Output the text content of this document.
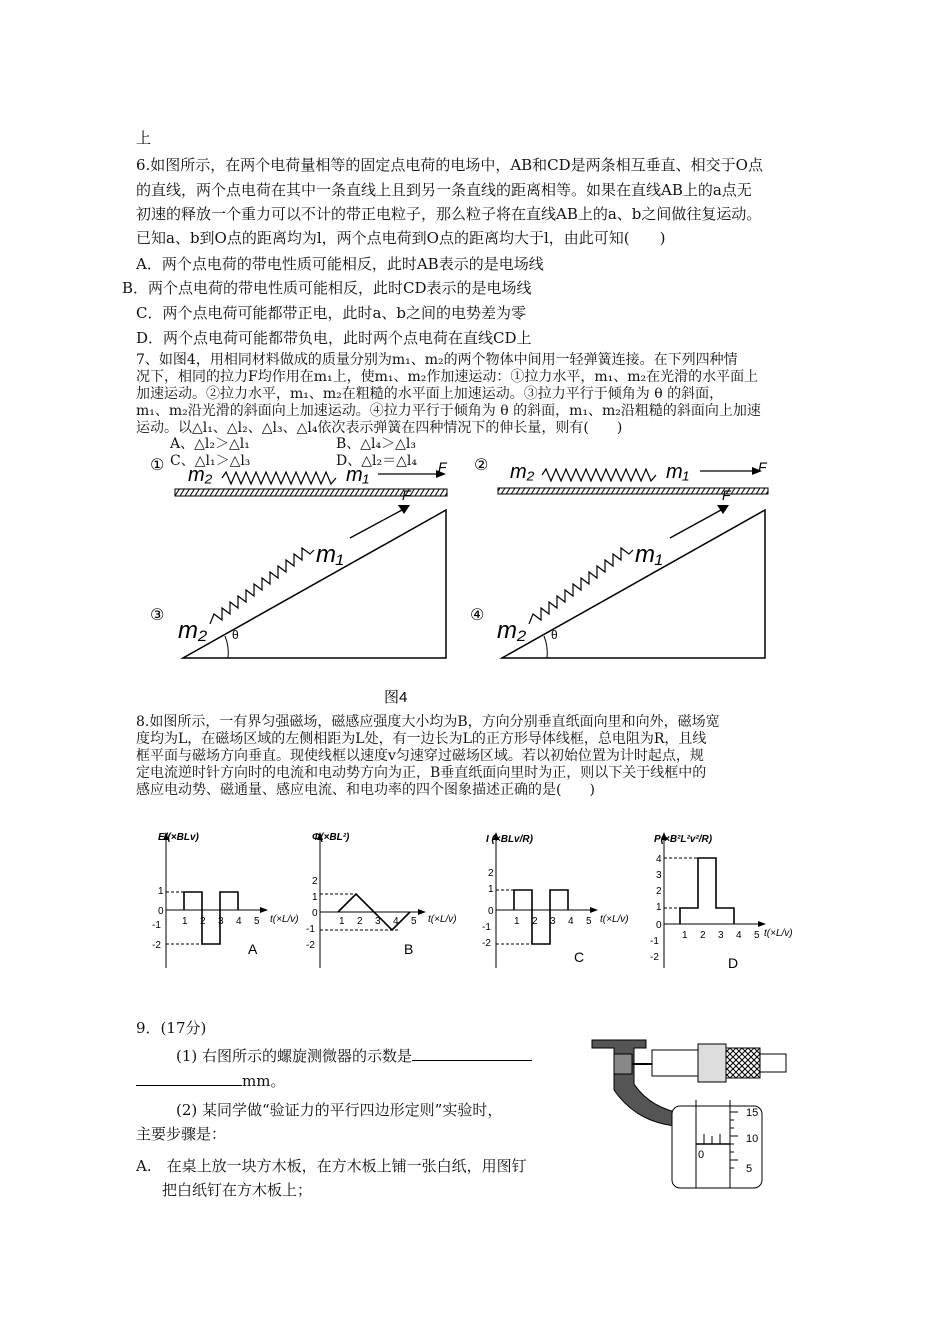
上
6.如图所示，在两个电荷量相等的固定点电荷的电场中，AB和CD是两条相互垂直、相交于O点
的直线，两个点电荷在其中一条直线上且到另一条直线的距离相等。如果在直线AB上的a点无
初速的释放一个重力可以不计的带正电粒子，那么粒子将在直线AB上的a、b之间做往复运动。
已知a、b到O点的距离均为l，两个点电荷到O点的距离均大于l，由此可知(　　)
A．两个点电荷的带电性质可能相反，此时AB表示的是电场线
B．两个点电荷的带电性质可能相反，此时CD表示的是电场线
C．两个点电荷可能都带正电，此时a、b之间的电势差为零
D．两个点电荷可能都带负电，此时两个点电荷在直线CD上
7、如图4，用相同材料做成的质量分别为m₁、m₂的两个物体中间用一轻弹簧连接。在下列四种情
况下，相同的拉力F均作用在m₁上，使m₁、m₂作加速运动：①拉力水平，m₁、m₂在光滑的水平面上
加速运动。②拉力水平，m₁、m₂在粗糙的水平面上加速运动。③拉力平行于倾角为 θ 的斜面，
m₁、m₂沿光滑的斜面向上加速运动。④拉力平行于倾角为 θ 的斜面，m₁、m₂沿粗糙的斜面向上加速
运动。以△l₁、△l₂、△l₃、△l₄依次表示弹簧在四种情况下的伸长量，则有(　　)
A、△l₂＞△l₁	B、△l₄＞△l₃
C、△l₁＞△l₃	D、△l₂＝△l₄
① m₂	m₁	F ② m₂	m₁	F
③
θ
m₂
m₁
F
④
θ
m₂
m₁
F
图4
8.如图所示，一有界匀强磁场，磁感应强度大小均为B，方向分别垂直纸面向里和向外，磁场宽
度均为L，在磁场区域的左侧相距为L处，有一边长为L的正方形导体线框，总电阻为R，且线
框平面与磁场方向垂直。现使线框以速度v匀速穿过磁场区域。若以初始位置为计时起点，规
定电流逆时针方向时的电流和电动势方向为正，B垂直纸面向里时为正，则以下关于线框中的
感应电动势、磁通量、感应电流、和电功率的四个图象描述正确的是(　　)
E/(×BLv)
t(×L/v)
1
0
-1
-2
1 2 3 4 5
A
Φ(×BL²)
t(×L/v)
2
1
0
-1
-2
1 2 3 4 5
B
I (×BLv/R)
t(×L/v)
2
1
0
-1
-2
1 2 3 4 5
C
P(×B²L²v²/R)
t(×L/v)
4
3
2
1
0
-1
-2
1 2 3 4 5
D
9．(17分)
(1) 右图所示的螺旋测微器的示数是
mm。
(2) 某同学做“验证力的平行四边形定则”实验时，
主要步骤是：
A.　在桌上放一块方木板，在方木板上铺一张白纸，用图钉
把白纸钉在方木板上；
15
10
5
0
